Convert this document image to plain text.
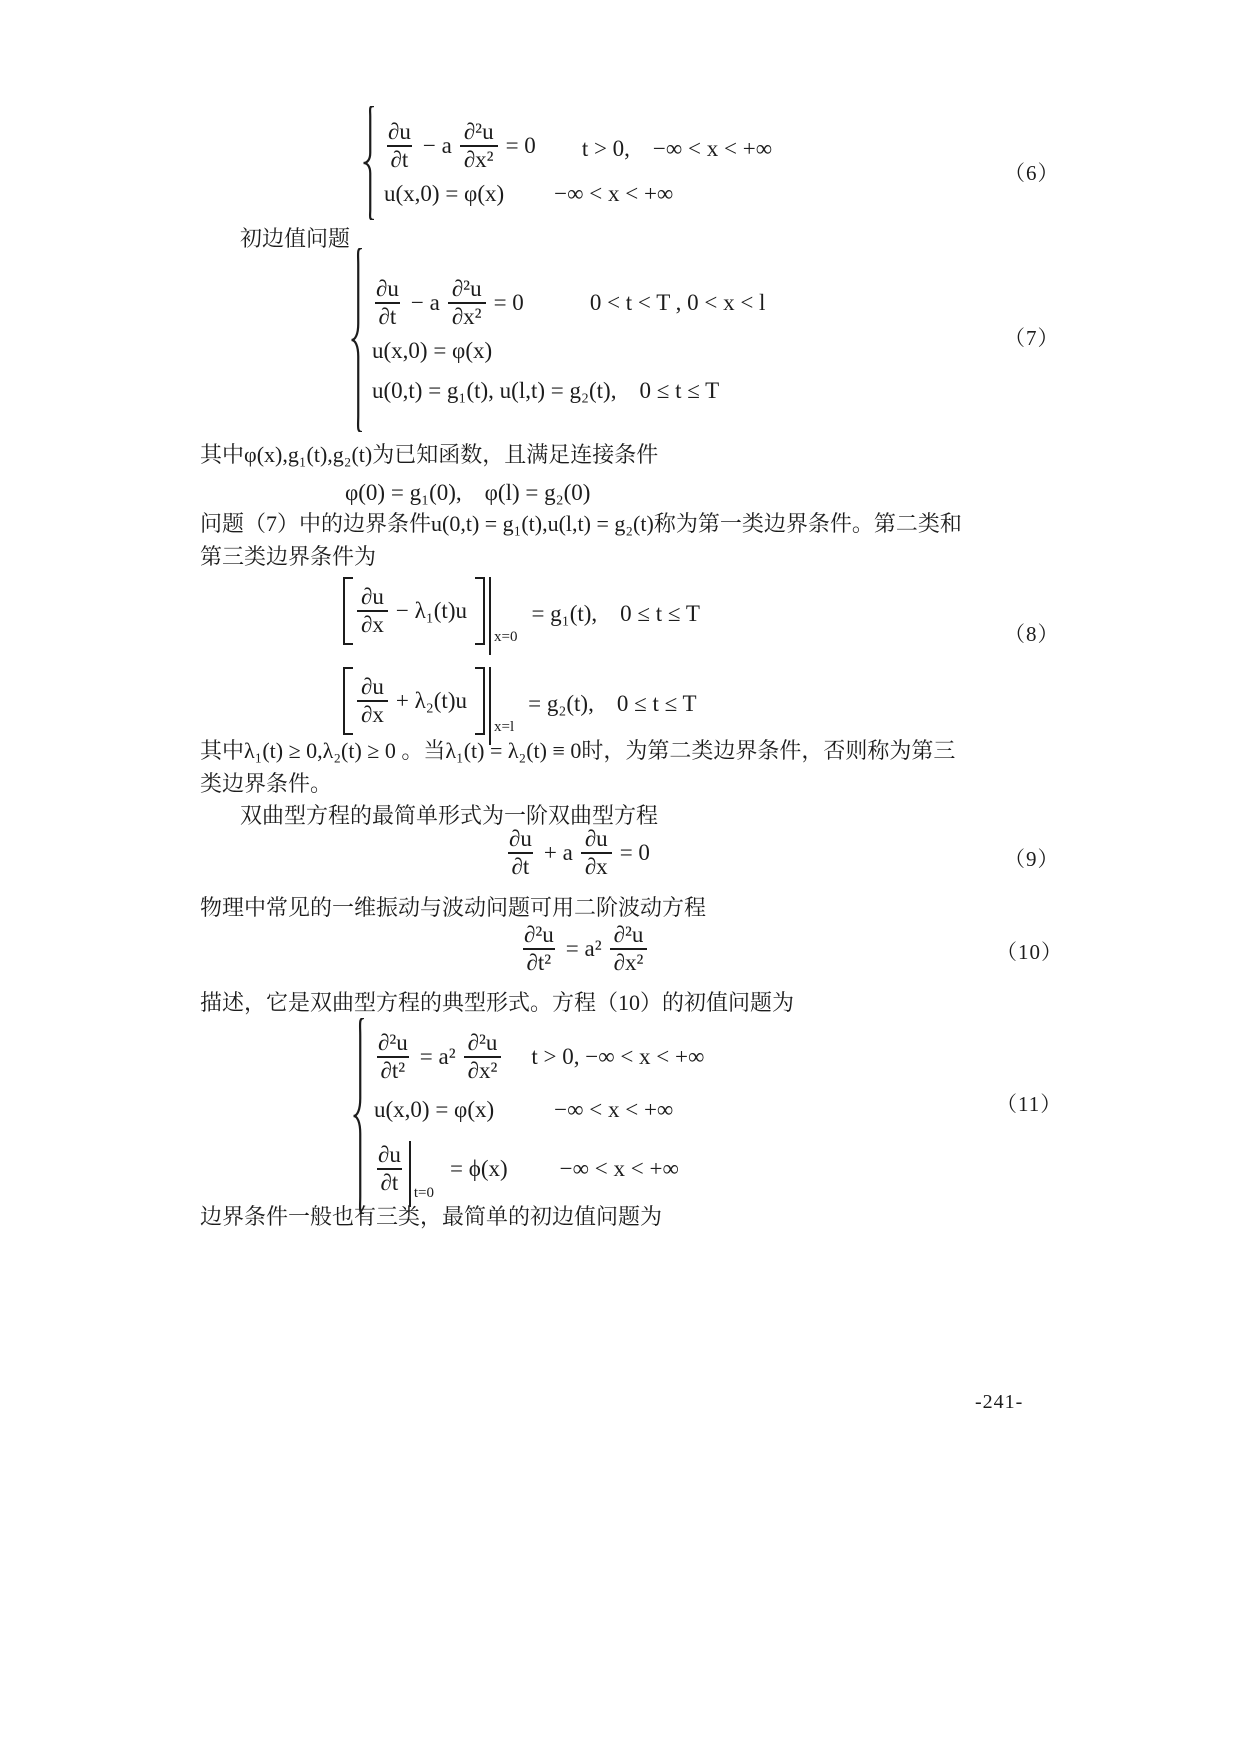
$\frac{\partial u}{\partial t} - a \frac{\text{∂²u}}{\text{∂x²}} = 0$ t > 0,　−∞ < x < +∞
u(x,0) = φ(x) −∞ < x < +∞
（6）
初边值问题
$\frac{\partial u}{\partial t} - a \frac{\text{∂²u}}{\text{∂x²}} = 0$	0 < t < T , 0 < x < l
u(x,0) = φ(x)
u(0,t) = g₁(t), u(l,t) = g₂(t),　0 ≤ t ≤ T
（7）
其中φ(x),g₁(t),g₂(t)为已知函数，且满足连接条件
φ(0) = g₁(0),　φ(l) = g₂(0)
问题（7）中的边界条件u(0,t) = g₁(t),u(l,t) = g₂(t)称为第一类边界条件。第二类和
第三类边界条件为
$\frac{\partial u}{\partial x} - \lambda_1(t)u$
x=0
= g₁(t),　0 ≤ t ≤ T
$\frac{\partial u}{\partial x} + \lambda_2(t)u$
x=l
= g₂(t),　0 ≤ t ≤ T
（8）
其中λ₁(t) ≥ 0,λ₂(t) ≥ 0 。当λ₁(t) = λ₂(t) ≡ 0时，为第二类边界条件，否则称为第三
类边界条件。
双曲型方程的最简单形式为一阶双曲型方程
$\frac{\partial u}{\partial t} + a \frac{\partial u}{\partial x} = 0$	（9）
物理中常见的一维振动与波动问题可用二阶波动方程
$\frac{\text{∂²u}}{\text{∂t²}} = a^2 \frac{\text{∂²u}}{\text{∂x²}}$	（10）
描述，它是双曲型方程的典型形式。方程（10）的初值问题为
$\frac{\text{∂²u}}{\text{∂t²}} = a^2 \frac{\text{∂²u}}{\text{∂x²}}$ t > 0, −∞ < x < +∞
u(x,0) = φ(x)	−∞ < x < +∞
$\frac{\partial u}{\partial t} t=0$
= ϕ(x) −∞ < x < +∞
（11）
边界条件一般也有三类，最简单的初边值问题为
-241-
